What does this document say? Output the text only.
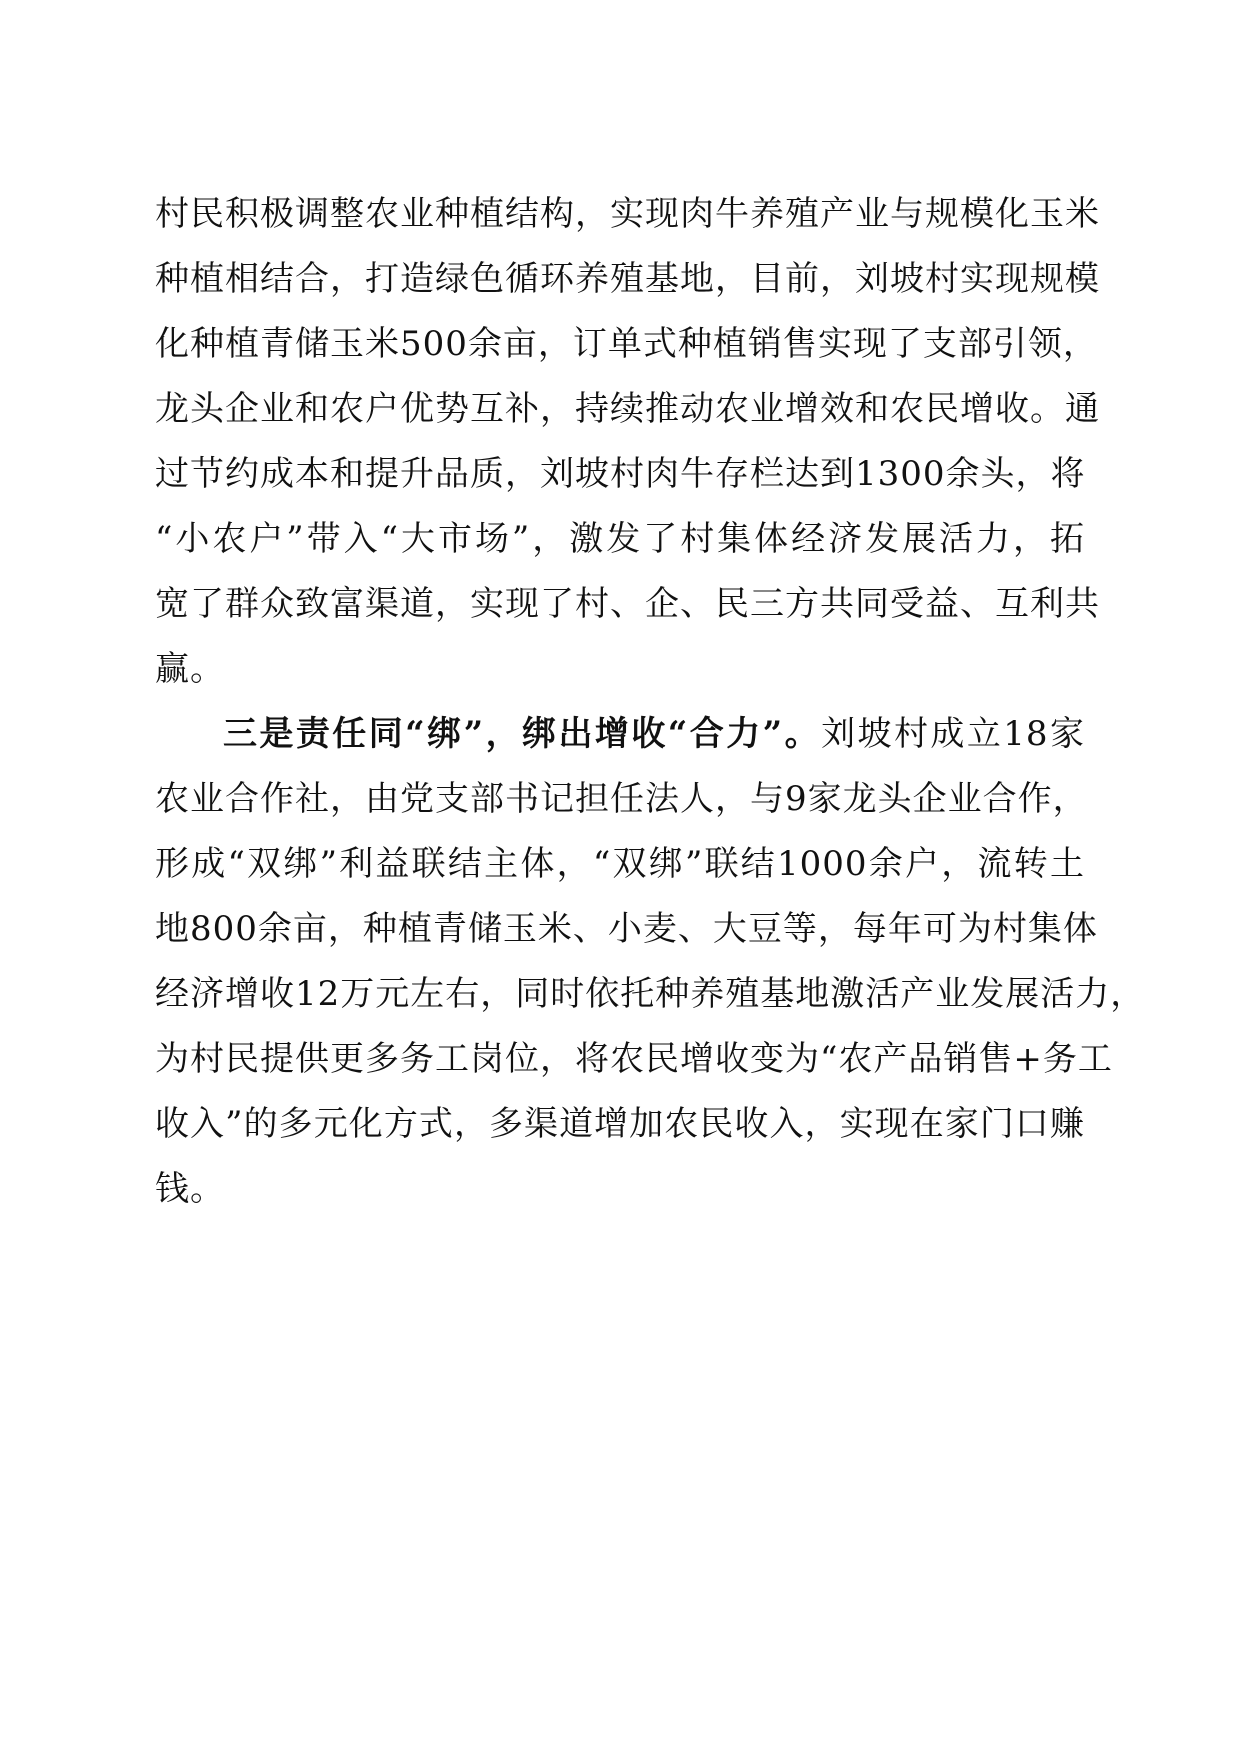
村民积极调整农业种植结构，实现肉牛养殖产业与规模化玉米
种植相结合，打造绿色循环养殖基地，目前，刘坡村实现规模
化种植青储玉米500余亩，订单式种植销售实现了支部引领，
龙头企业和农户优势互补，持续推动农业增效和农民增收。通
过节约成本和提升品质，刘坡村肉牛存栏达到1300余头，将
“小农户”带入“大市场”，激发了村集体经济发展活力，拓
宽了群众致富渠道，实现了村、企、民三方共同受益、互利共
赢。
三是责任同“绑”，绑出增收“合力”。刘坡村成立18家
农业合作社，由党支部书记担任法人，与9家龙头企业合作，
形成“双绑”利益联结主体，“双绑”联结1000余户，流转土
地800余亩，种植青储玉米、小麦、大豆等，每年可为村集体
经济增收12万元左右，同时依托种养殖基地激活产业发展活力，
为村民提供更多务工岗位，将农民增收变为“农产品销售+务工
收入”的多元化方式，多渠道增加农民收入，实现在家门口赚
钱。
